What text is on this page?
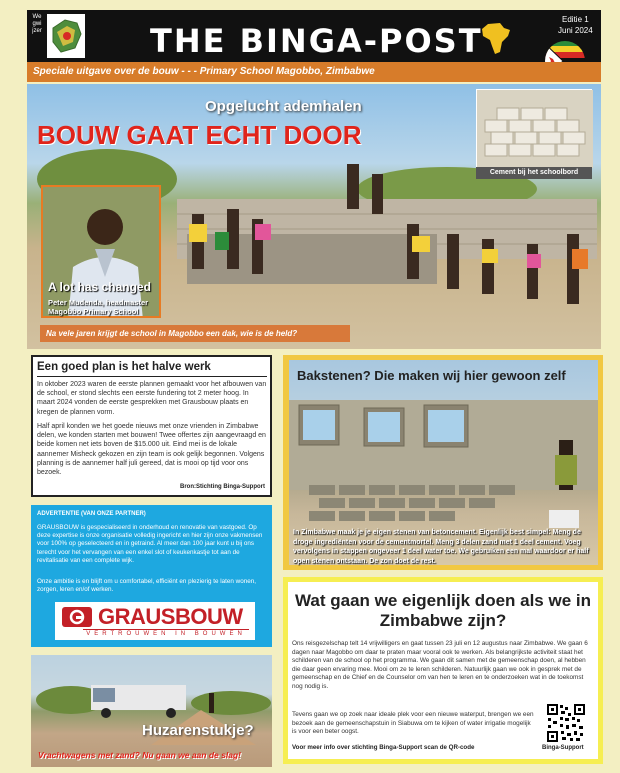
Wegwijzer	THE BINGA-POST
Editie 1
Juni 2024
Speciale uitgave over de bouw - - - Primary School Magobbo, Zimbabwe
Opgelucht ademhalen
BOUW GAAT ECHT DOOR
Cement bij het schoolbord
A lot has changed
Peter Mudenda, headmaster
Magobbo Primary School
Na vele jaren krijgt de school in Magobbo een dak, wie is de held?
Een goed plan is het halve werk
In oktober 2023 waren de eerste plannen gemaakt voor het afbouwen van de school, er stond slechts een eerste fundering tot 2 meter hoog. In maart 2024 vonden de eerste gesprekken met Grausbouw plaats en kregen de plannen vorm.
Half april konden we het goede nieuws met onze vrienden in Zimbabwe delen, we konden starten met bouwen! Twee offertes zijn aangevraagd en beide komen net iets boven de $15.000 uit. Eind mei is de lokale aannemer Misheck gekozen en zijn team is ook gelijk begonnen. Volgens planning is de aannemer half juli gereed, dat is mooi op tijd voor ons bezoek.
Bron:Stichting Binga-Support
Bakstenen? Die maken wij hier gewoon zelf
In Zimbabwe maak je je eigen stenen van betoncement. Eigenlijk best simpel: Meng de droge ingrediënten voor de cementmortel. Meng 3 delen zand met 1 deel cement. Voeg vervolgens in stappen ongeveer 1 deel water toe. We gebruiken een mal waardoor er half open stenen ontstaan. De zon doet de rest.
ADVERTENTIE (VAN ONZE PARTNER)
GRAUSBOUW is gespecialiseerd in onderhoud en renovatie van vastgoed. Op deze expertise is onze organisatie volledig ingericht en hier zijn onze vakmensen voor 100% op geselecteerd en in getraind. Al meer dan 100 jaar kunt u bij ons terecht voor het vervangen van een enkel slot of keukenkastje tot aan de revitalisatie van een complete wijk.
Onze ambitie is en blijft om u comfortabel, efficiënt en plezierig te laten wonen, zorgen, leren en/of werken.
GRAUSBOUW
VERTROUWEN IN BOUWEN
Huzarenstukje?
Vrachtwagens met zand? Nu gaan we aan de slag!
Wat gaan we eigenlijk doen als we in Zimbabwe zijn?
Ons reisgezelschap telt 14 vrijwilligers en gaat tussen 23 juli en 12 augustus naar Zimbabwe. We gaan 6 dagen naar Magobbo om daar te praten maar vooral ook te werken. Als belangrijkste activiteit staat het schilderen van de school op het programma. We gaan dit samen met de gemeenschap doen, al hebben die daar geen ervaring mee. Mooi om ze te leren schilderen. Natuurlijk gaan we ook in gesprek met de gemeenschap en de Chief en de Counselor om van hen te leren en te onderzoeken wat in de toekomst nog nodig is.
Tevens gaan we op zoek naar ideale plek voor een nieuwe waterput, brengen we een bezoek aan de gemeenschapstuin in Siabuwa om te kijken of water irrigatie mogelijk is voor een beter oogst.
Voor meer info over stichting Binga-Support scan de QR-code	Binga-Support
